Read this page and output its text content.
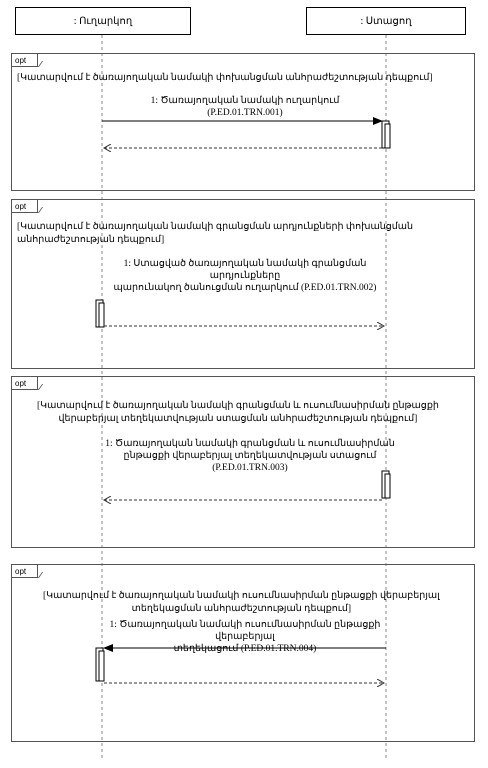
: Ուղարկող	: Ստացող
opt
[Կատարվում է ծառայողական նամակի փոխանցման անհրաժեշտության դեպքում]
1: Ծառայողական նամակի ուղարկում
(P.ED.01.TRN.001)
opt
[Կատարվում է ծառայողական նամակի գրանցման արդյունքների փոխանցման
անհրաժեշտության դեպքում]
1: Ստացված ծառայողական նամակի գրանցման արդյունքները
պարունակող ծանուցման ուղարկում (P.ED.01.TRN.002)
opt
[Կատարվում է ծառայողական նամակի գրանցման և ուսումնասիրման ընթացքի
վերաբերյալ տեղեկատվության ստացման անհրաժեշտության դեպքում]
1: Ծառայողական նամակի գրանցման և ուսումնասիրման
ընթացքի վերաբերյալ տեղեկատվության ստացում
(P.ED.01.TRN.003)
opt
[Կատարվում է ծառայողական նամակի ուսումնասիրման ընթացքի վերաբերյալ
տեղեկացման անհրաժեշտության դեպքում]
1: Ծառայողական նամակի ուսումնասիրման ընթացքի վերաբերյալ
տեղեկացում (P.ED.01.TRN.004)
